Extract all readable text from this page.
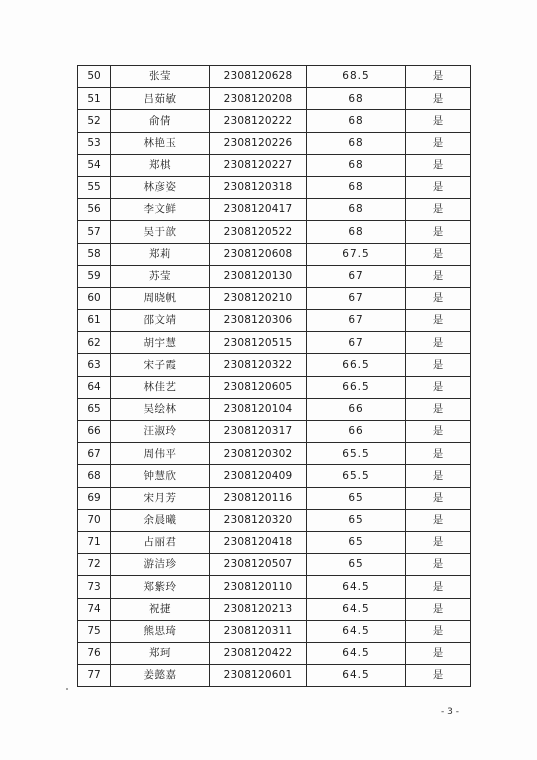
50	张莹	2308120628	68.5	是
51	吕茹敏	2308120208	68	是
52	俞倩	2308120222	68	是
53	林艳玉	2308120226	68	是
54	郑棋	2308120227	68	是
55	林彦姿	2308120318	68	是
56	李文鲜	2308120417	68	是
57	吴于歆	2308120522	68	是
58	郑莉	2308120608	67.5	是
59	苏莹	2308120130	67	是
60	周晓帆	2308120210	67	是
61	邵文靖	2308120306	67	是
62	胡宇慧	2308120515	67	是
63	宋子霞	2308120322	66.5	是
64	林佳艺	2308120605	66.5	是
65	吴绘林	2308120104	66	是
66	汪淑玲	2308120317	66	是
67	周伟平	2308120302	65.5	是
68	钟慧欣	2308120409	65.5	是
69	宋月芳	2308120116	65	是
70	余晨曦	2308120320	65	是
71	占丽君	2308120418	65	是
72	游洁珍	2308120507	65	是
73	郑紫玲	2308120110	64.5	是
74	祝捷	2308120213	64.5	是
75	熊思琦	2308120311	64.5	是
76	郑珂	2308120422	64.5	是
77	姜懿嘉	2308120601	64.5	是
- 3 -
